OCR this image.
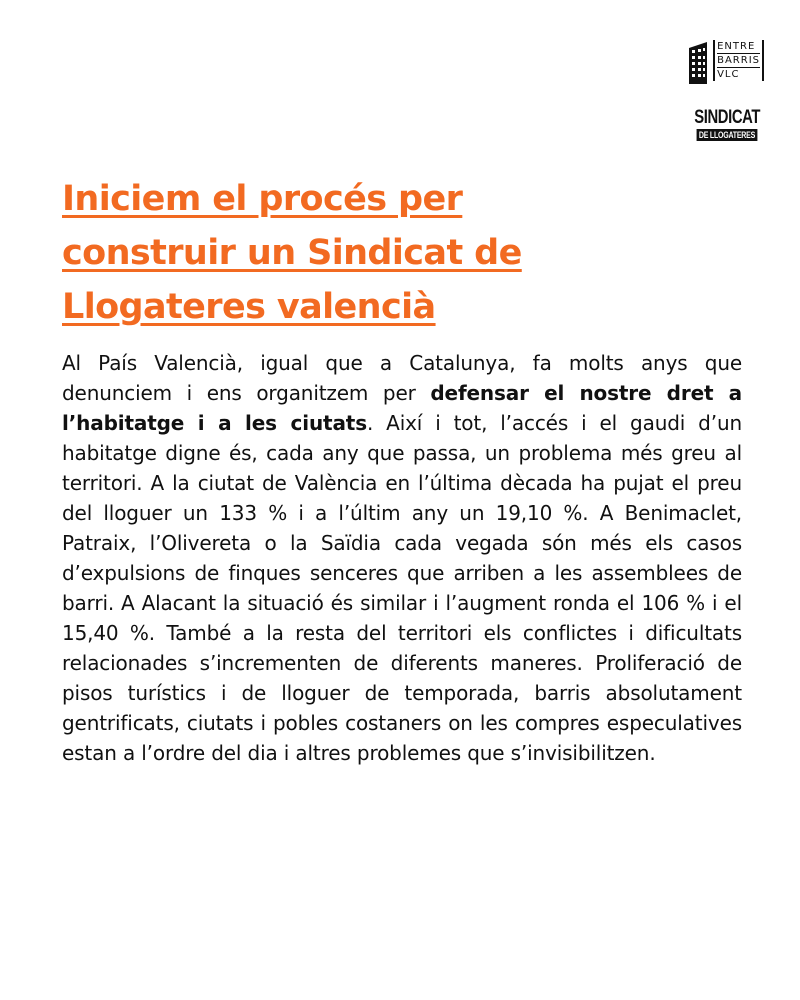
ENTRE
BARRIS
VLC
SINDICAT
DE LLOGATERES
Iniciem el procés per construir un Sindicat de Llogateres valencià

Al País Valencià, igual que a Catalunya, fa molts anys que denunciem i ens organitzem per defensar el nostre dret a l’habitatge i a les ciutats. Així i tot, l’accés i el gaudi d’un habitatge digne és, cada any que passa, un problema més greu al territori. A la ciutat de València en l’última dècada ha pujat el preu del lloguer un 133 % i a l’últim any un 19,10 %. A Benimaclet, Patraix, l’Olivereta o la Saïdia cada vegada són més els casos d’expulsions de finques senceres que arriben a les assemblees de barri. A Alacant la situació és similar i l’augment ronda el 106 % i el 15,40 %. També a la resta del territori els conflictes i dificultats relacionades s’incrementen de diferents maneres. Proliferació de pisos turístics i de lloguer de temporada, barris absolutament gentrificats, ciutats i pobles costaners on les compres especulatives estan a l’ordre del dia i altres problemes que s’invisibilitzen.
